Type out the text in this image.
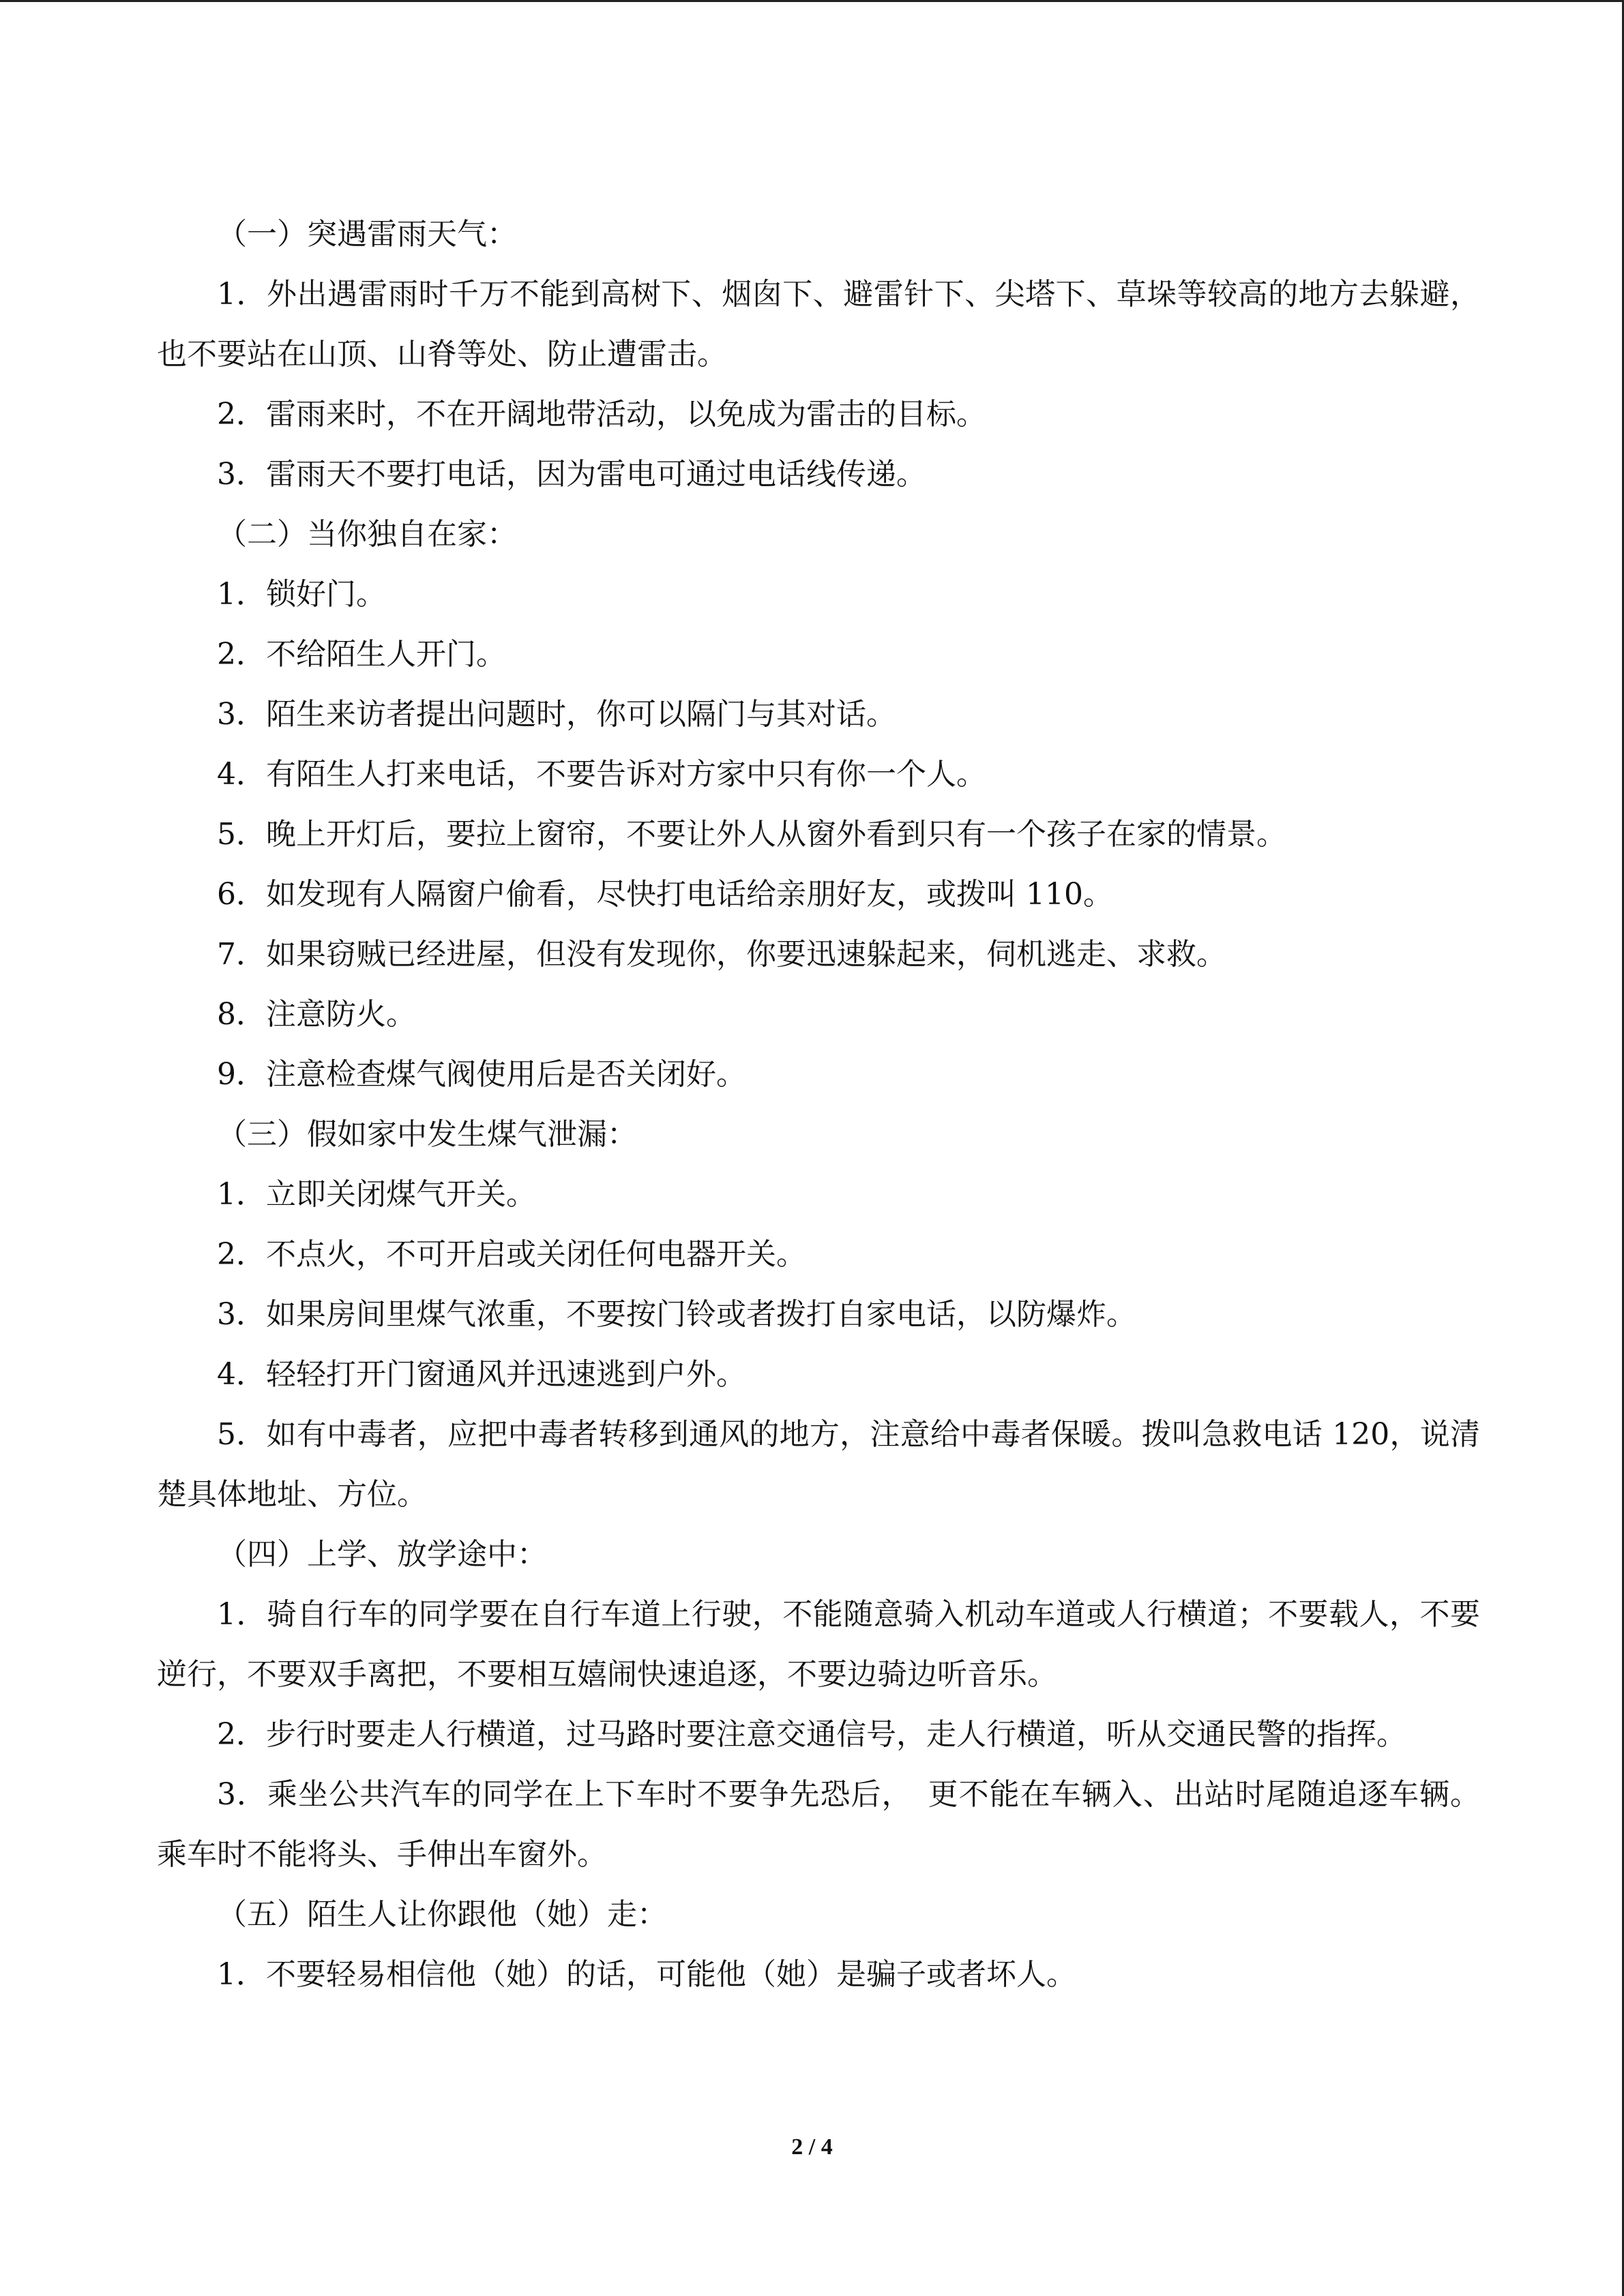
（一）突遇雷雨天气：

1．外出遇雷雨时千万不能到高树下、烟囱下、避雷针下、尖塔下、草垛等较高的地方去躲避，也不要站在山顶、山脊等处、防止遭雷击。

2．雷雨来时，不在开阔地带活动，以免成为雷击的目标。

3．雷雨天不要打电话，因为雷电可通过电话线传递。

（二）当你独自在家：

1．锁好门。

2．不给陌生人开门。

3．陌生来访者提出问题时，你可以隔门与其对话。

4．有陌生人打来电话，不要告诉对方家中只有你一个人。

5．晚上开灯后，要拉上窗帘，不要让外人从窗外看到只有一个孩子在家的情景。

6．如发现有人隔窗户偷看，尽快打电话给亲朋好友，或拨叫 110。

7．如果窃贼已经进屋，但没有发现你，你要迅速躲起来，伺机逃走、求救。

8．注意防火。

9．注意检查煤气阀使用后是否关闭好。

（三）假如家中发生煤气泄漏：

1．立即关闭煤气开关。

2．不点火，不可开启或关闭任何电器开关。

3．如果房间里煤气浓重，不要按门铃或者拨打自家电话，以防爆炸。

4．轻轻打开门窗通风并迅速逃到户外。

5．如有中毒者，应把中毒者转移到通风的地方，注意给中毒者保暖。拨叫急救电话 120，说清楚具体地址、方位。

（四）上学、放学途中：

1．骑自行车的同学要在自行车道上行驶，不能随意骑入机动车道或人行横道；不要载人，不要逆行，不要双手离把，不要相互嬉闹快速追逐，不要边骑边听音乐。

2．步行时要走人行横道，过马路时要注意交通信号，走人行横道，听从交通民警的指挥。

3．乘坐公共汽车的同学在上下车时不要争先恐后，　更不能在车辆入、出站时尾随追逐车辆。乘车时不能将头、手伸出车窗外。

（五）陌生人让你跟他（她）走：

1．不要轻易相信他（她）的话，可能他（她）是骗子或者坏人。

2 / 4
